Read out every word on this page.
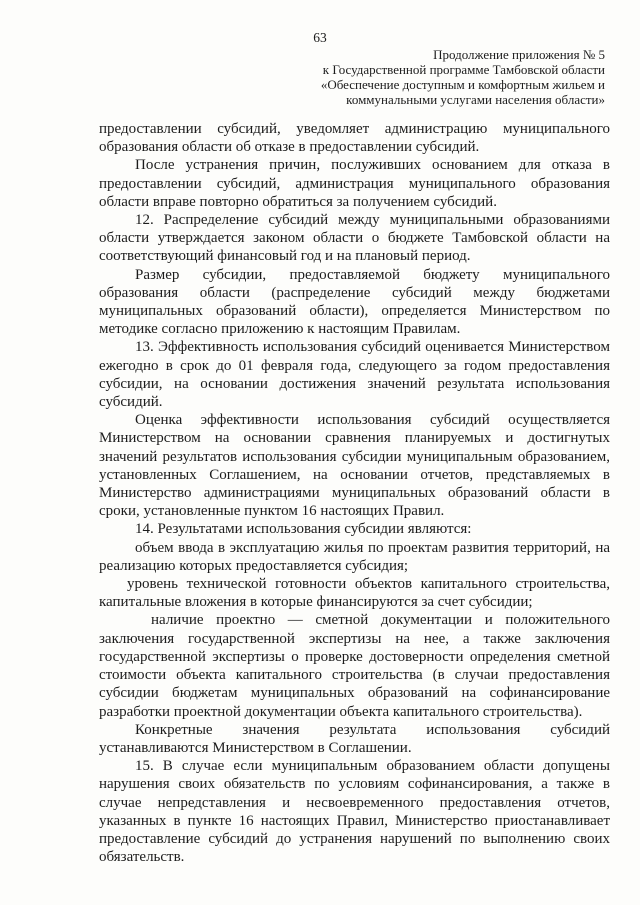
63
Продолжение приложения № 5
к Государственной программе Тамбовской области
«Обеспечение доступным и комфортным жильем и
коммунальными услугами населения области»

предоставлении субсидий, уведомляет администрацию муниципального образования области об отказе в предоставлении субсидий.

После устранения причин, послуживших основанием для отказа в предоставлении субсидий, администрация муниципального образования области вправе повторно обратиться за получением субсидий.

12. Распределение субсидий между муниципальными образованиями области утверждается законом области о бюджете Тамбовской области на соответствующий финансовый год и на плановый период.

Размер субсидии, предоставляемой бюджету муниципального образования области (распределение субсидий между бюджетами муниципальных образований области), определяется Министерством по методике согласно приложению к настоящим Правилам.

13. Эффективность использования субсидий оценивается Министерством ежегодно в срок до 01 февраля года, следующего за годом предоставления субсидии, на основании достижения значений результата использования субсидий.

Оценка эффективности использования субсидий осуществляется Министерством на основании сравнения планируемых и достигнутых значений результатов использования субсидии муниципальным образованием, установленных Соглашением, на основании отчетов, представляемых в Министерство администрациями муниципальных образований области в сроки, установленные пунктом 16 настоящих Правил.

14. Результатами использования субсидии являются:

объем ввода в эксплуатацию жилья по проектам развития территорий, на реализацию которых предоставляется субсидия;

уровень технической готовности объектов капитального строительства, капитальные вложения в которые финансируются за счет субсидии;

наличие проектно — сметной документации и положительного заключения государственной экспертизы на нее, а также заключения государственной экспертизы о проверке достоверности определения сметной стоимости объекта капитального строительства (в случаи предоставления субсидии бюджетам муниципальных образований на софинансирование разработки проектной документации объекта капитального строительства).

Конкретные значения результата использования субсидий устанавливаются Министерством в Соглашении.

15. В случае если муниципальным образованием области допущены нарушения своих обязательств по условиям софинансирования, а также в случае непредставления и несвоевременного предоставления отчетов, указанных в пункте 16 настоящих Правил, Министерство приостанавливает предоставление субсидий до устранения нарушений по выполнению своих обязательств.
